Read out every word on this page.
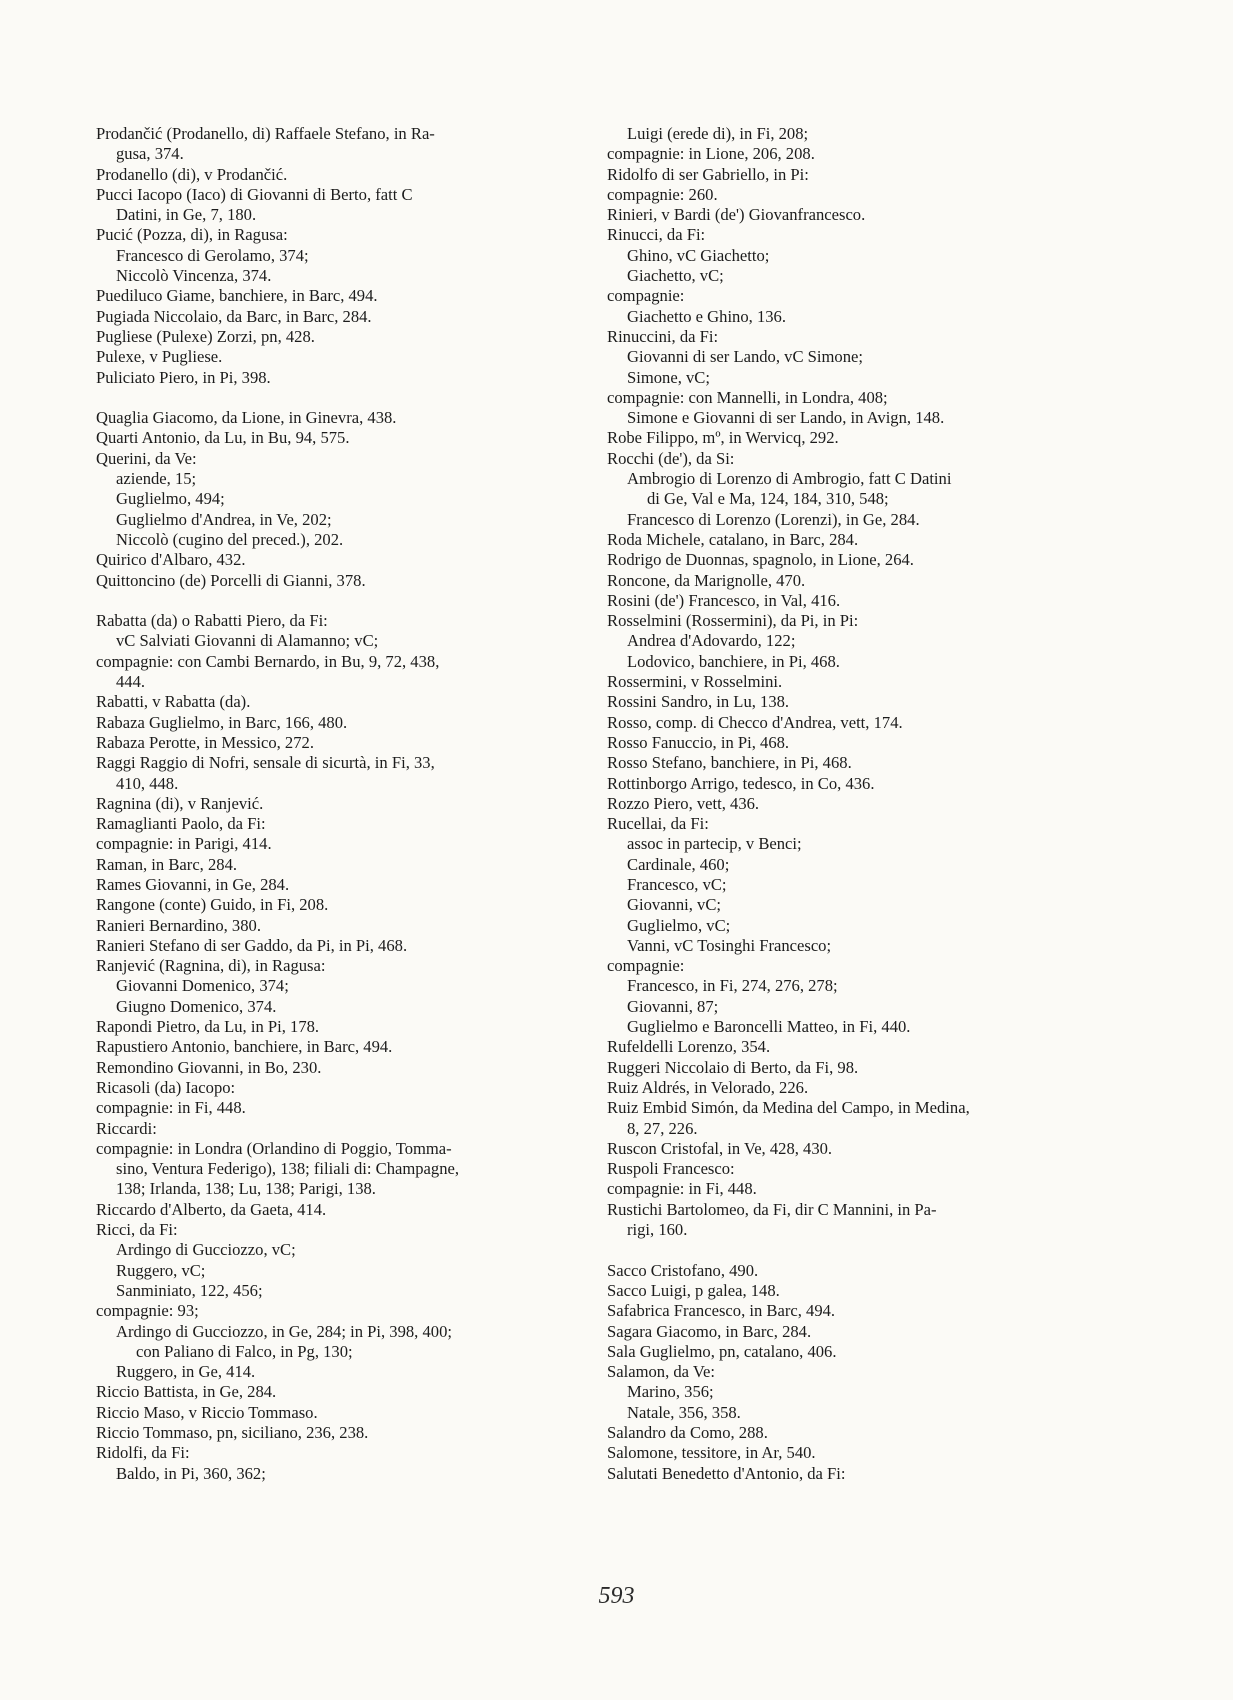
Prodančić (Prodanello, di) Raffaele Stefano, in Ra-
gusa, 374.
Prodanello (di), v Prodančić.
Pucci Iacopo (Iaco) di Giovanni di Berto, fatt C
Datini, in Ge, 7, 180.
Pucić (Pozza, di), in Ragusa:
Francesco di Gerolamo, 374;
Niccolò Vincenza, 374.
Puediluco Giame, banchiere, in Barc, 494.
Pugiada Niccolaio, da Barc, in Barc, 284.
Pugliese (Pulexe) Zorzi, pn, 428.
Pulexe, v Pugliese.
Puliciato Piero, in Pi, 398.
Quaglia Giacomo, da Lione, in Ginevra, 438.
Quarti Antonio, da Lu, in Bu, 94, 575.
Querini, da Ve:
aziende, 15;
Guglielmo, 494;
Guglielmo d'Andrea, in Ve, 202;
Niccolò (cugino del preced.), 202.
Quirico d'Albaro, 432.
Quittoncino (de) Porcelli di Gianni, 378.
Rabatta (da) o Rabatti Piero, da Fi:
vC Salviati Giovanni di Alamanno; vC;
compagnie: con Cambi Bernardo, in Bu, 9, 72, 438,
444.
Rabatti, v Rabatta (da).
Rabaza Guglielmo, in Barc, 166, 480.
Rabaza Perotte, in Messico, 272.
Raggi Raggio di Nofri, sensale di sicurtà, in Fi, 33,
410, 448.
Ragnina (di), v Ranjević.
Ramaglianti Paolo, da Fi:
compagnie: in Parigi, 414.
Raman, in Barc, 284.
Rames Giovanni, in Ge, 284.
Rangone (conte) Guido, in Fi, 208.
Ranieri Bernardino, 380.
Ranieri Stefano di ser Gaddo, da Pi, in Pi, 468.
Ranjević (Ragnina, di), in Ragusa:
Giovanni Domenico, 374;
Giugno Domenico, 374.
Rapondi Pietro, da Lu, in Pi, 178.
Rapustiero Antonio, banchiere, in Barc, 494.
Remondino Giovanni, in Bo, 230.
Ricasoli (da) Iacopo:
compagnie: in Fi, 448.
Riccardi:
compagnie: in Londra (Orlandino di Poggio, Tomma-
sino, Ventura Federigo), 138; filiali di: Champagne,
138; Irlanda, 138; Lu, 138; Parigi, 138.
Riccardo d'Alberto, da Gaeta, 414.
Ricci, da Fi:
Ardingo di Gucciozzo, vC;
Ruggero, vC;
Sanminiato, 122, 456;
compagnie: 93;
Ardingo di Gucciozzo, in Ge, 284; in Pi, 398, 400;
con Paliano di Falco, in Pg, 130;
Ruggero, in Ge, 414.
Riccio Battista, in Ge, 284.
Riccio Maso, v Riccio Tommaso.
Riccio Tommaso, pn, siciliano, 236, 238.
Ridolfi, da Fi:
Baldo, in Pi, 360, 362;
Luigi (erede di), in Fi, 208;
compagnie: in Lione, 206, 208.
Ridolfo di ser Gabriello, in Pi:
compagnie: 260.
Rinieri, v Bardi (de') Giovanfrancesco.
Rinucci, da Fi:
Ghino, vC Giachetto;
Giachetto, vC;
compagnie:
Giachetto e Ghino, 136.
Rinuccini, da Fi:
Giovanni di ser Lando, vC Simone;
Simone, vC;
compagnie: con Mannelli, in Londra, 408;
Simone e Giovanni di ser Lando, in Avign, 148.
Robe Filippo, mº, in Wervicq, 292.
Rocchi (de'), da Si:
Ambrogio di Lorenzo di Ambrogio, fatt C Datini
di Ge, Val e Ma, 124, 184, 310, 548;
Francesco di Lorenzo (Lorenzi), in Ge, 284.
Roda Michele, catalano, in Barc, 284.
Rodrigo de Duonnas, spagnolo, in Lione, 264.
Roncone, da Marignolle, 470.
Rosini (de') Francesco, in Val, 416.
Rosselmini (Rossermini), da Pi, in Pi:
Andrea d'Adovardo, 122;
Lodovico, banchiere, in Pi, 468.
Rossermini, v Rosselmini.
Rossini Sandro, in Lu, 138.
Rosso, comp. di Checco d'Andrea, vett, 174.
Rosso Fanuccio, in Pi, 468.
Rosso Stefano, banchiere, in Pi, 468.
Rottinborgo Arrigo, tedesco, in Co, 436.
Rozzo Piero, vett, 436.
Rucellai, da Fi:
assoc in partecip, v Benci;
Cardinale, 460;
Francesco, vC;
Giovanni, vC;
Guglielmo, vC;
Vanni, vC Tosinghi Francesco;
compagnie:
Francesco, in Fi, 274, 276, 278;
Giovanni, 87;
Guglielmo e Baroncelli Matteo, in Fi, 440.
Rufeldelli Lorenzo, 354.
Ruggeri Niccolaio di Berto, da Fi, 98.
Ruiz Aldrés, in Velorado, 226.
Ruiz Embid Simón, da Medina del Campo, in Medina,
8, 27, 226.
Ruscon Cristofal, in Ve, 428, 430.
Ruspoli Francesco:
compagnie: in Fi, 448.
Rustichi Bartolomeo, da Fi, dir C Mannini, in Pa-
rigi, 160.
Sacco Cristofano, 490.
Sacco Luigi, p galea, 148.
Safabrica Francesco, in Barc, 494.
Sagara Giacomo, in Barc, 284.
Sala Guglielmo, pn, catalano, 406.
Salamon, da Ve:
Marino, 356;
Natale, 356, 358.
Salandro da Como, 288.
Salomone, tessitore, in Ar, 540.
Salutati Benedetto d'Antonio, da Fi:
593
